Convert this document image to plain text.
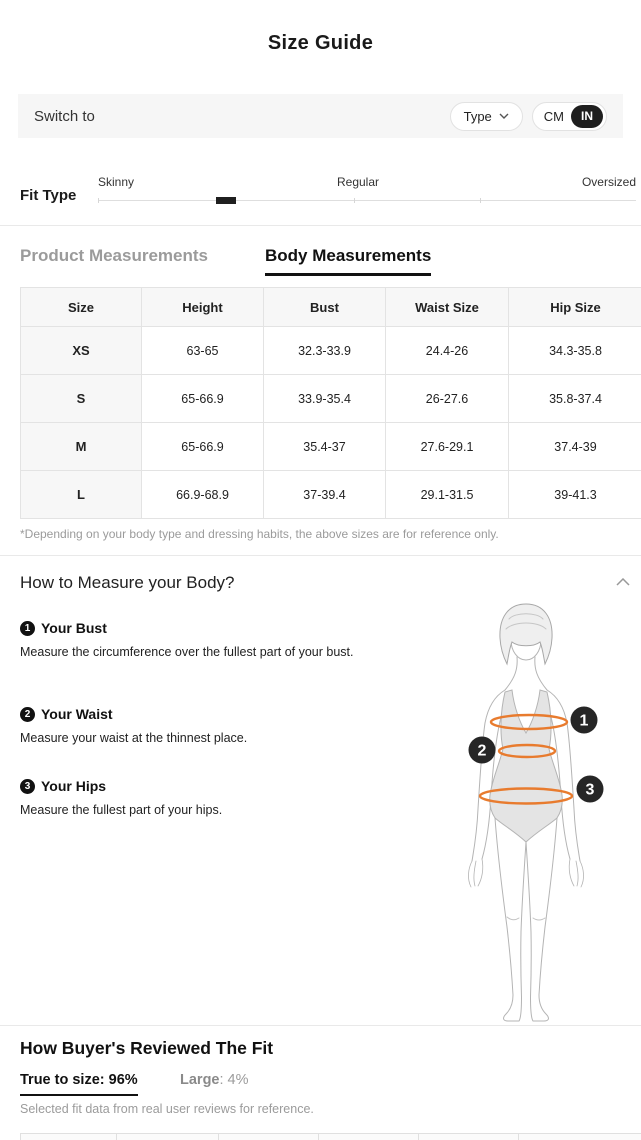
Size Guide
Switch to	Type	CM	IN
Fit Type
Skinny	Regular	Oversized
Product Measurements	Body Measurements
Size	Height	Bust	Waist Size	Hip Size
XS	63-65	32.3-33.9	24.4-26	34.3-35.8
S	65-66.9	33.9-35.4	26-27.6	35.8-37.4
M	65-66.9	35.4-37	27.6-29.1	37.4-39
L	66.9-68.9	37-39.4	29.1-31.5	39-41.3
*Depending on your body type and dressing habits, the above sizes are for reference only.
How to Measure your Body?
1 Your Bust
Measure the circumference over the fullest part of your bust.
2 Your Waist
Measure your waist at the thinnest place.
3 Your Hips
Measure the fullest part of your hips.
1
2
3
How Buyer's Reviewed The Fit
True to size: 96%	Large: 4%
Selected fit data from real user reviews for reference.
